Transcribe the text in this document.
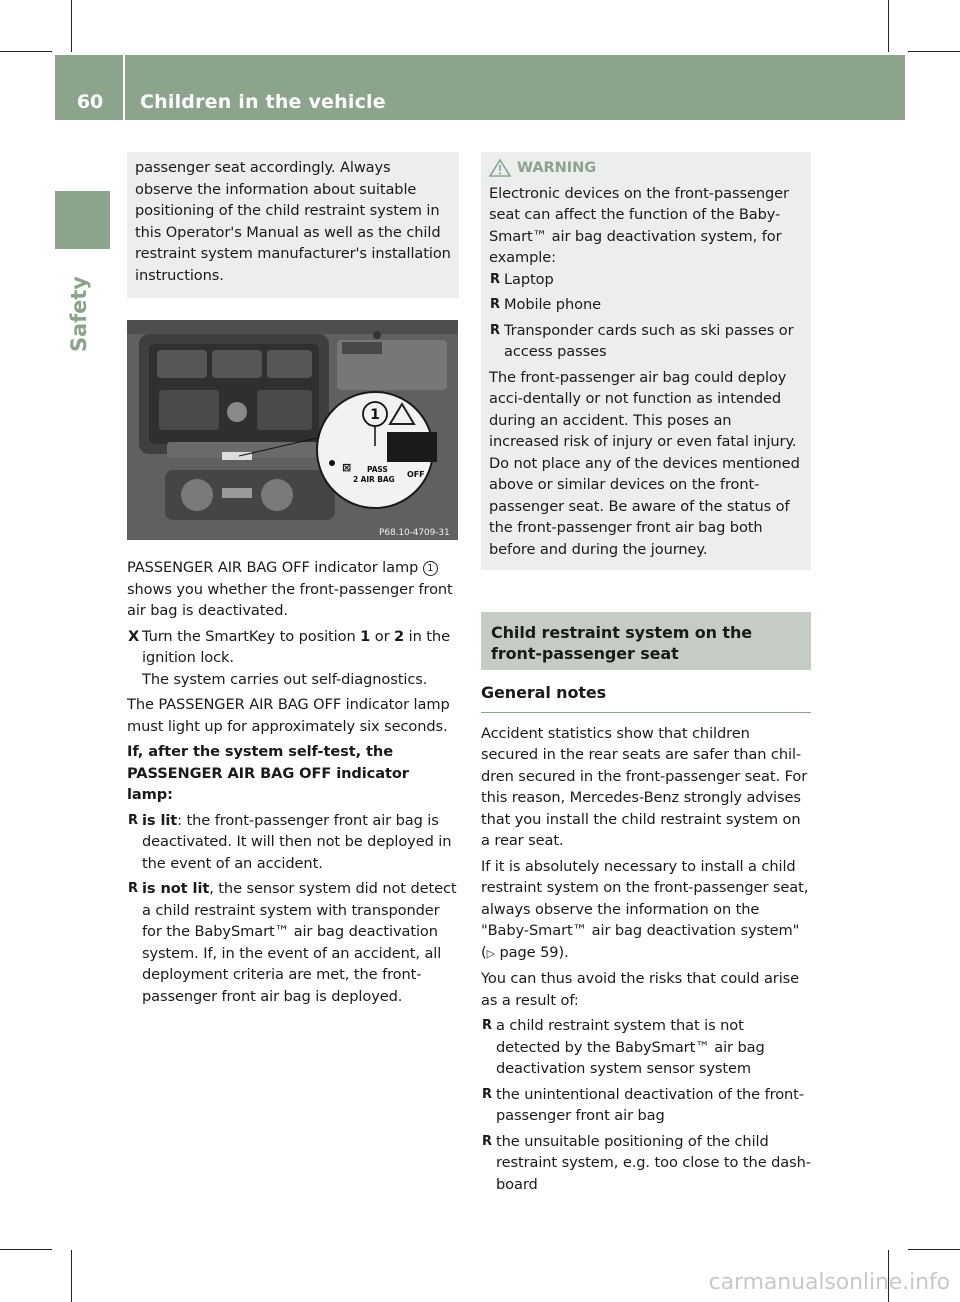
60	Children in the vehicle
Safety

passenger seat accordingly. Always observe the information about suitable positioning of the child restraint system in this Operator's Manual as well as the child restraint system manufacturer's installation instructions.

1
⊠ PASS
2 AIR BAG
OFF
P68.10-4709-31

PASSENGER AIR BAG OFF indicator lamp 1 shows you whether the front-passenger front air bag is deactivated.

X Turn the SmartKey to position 1 or 2 in the ignition lock.
The system carries out self-diagnostics.

The PASSENGER AIR BAG OFF indicator lamp must light up for approximately six seconds.

If, after the system self-test, the PASSENGER AIR BAG OFF indicator lamp:

R is lit: the front-passenger front air bag is deactivated. It will then not be deployed in the event of an accident.
R is not lit, the sensor system did not detect a child restraint system with transponder for the BabySmart™ air bag deactivation system. If, in the event of an accident, all deployment criteria are met, the front-passenger front air bag is deployed.
WARNING

Electronic devices on the front-passenger seat can affect the function of the Baby-Smart™ air bag deactivation system, for example:

R Laptop
R Mobile phone
R Transponder cards such as ski passes or access passes

The front-passenger air bag could deploy acci-dentally or not function as intended during an accident. This poses an increased risk of injury or even fatal injury.

Do not place any of the devices mentioned above or similar devices on the front-passenger seat. Be aware of the status of the front-passenger front air bag both before and during the journey.

Child restraint system on the front-passenger seat
General notes

Accident statistics show that children secured in the rear seats are safer than chil-dren secured in the front-passenger seat. For this reason, Mercedes-Benz strongly advises that you install the child restraint system on a rear seat.

If it is absolutely necessary to install a child restraint system on the front-passenger seat, always observe the information on the "Baby-Smart™ air bag deactivation system"
(▷ page 59).

You can thus avoid the risks that could arise as a result of:

R a child restraint system that is not detected by the BabySmart™ air bag deactivation system sensor system
R the unintentional deactivation of the front-passenger front air bag
R the unsuitable positioning of the child restraint system, e.g. too close to the dash-board
carmanualsonline.info
